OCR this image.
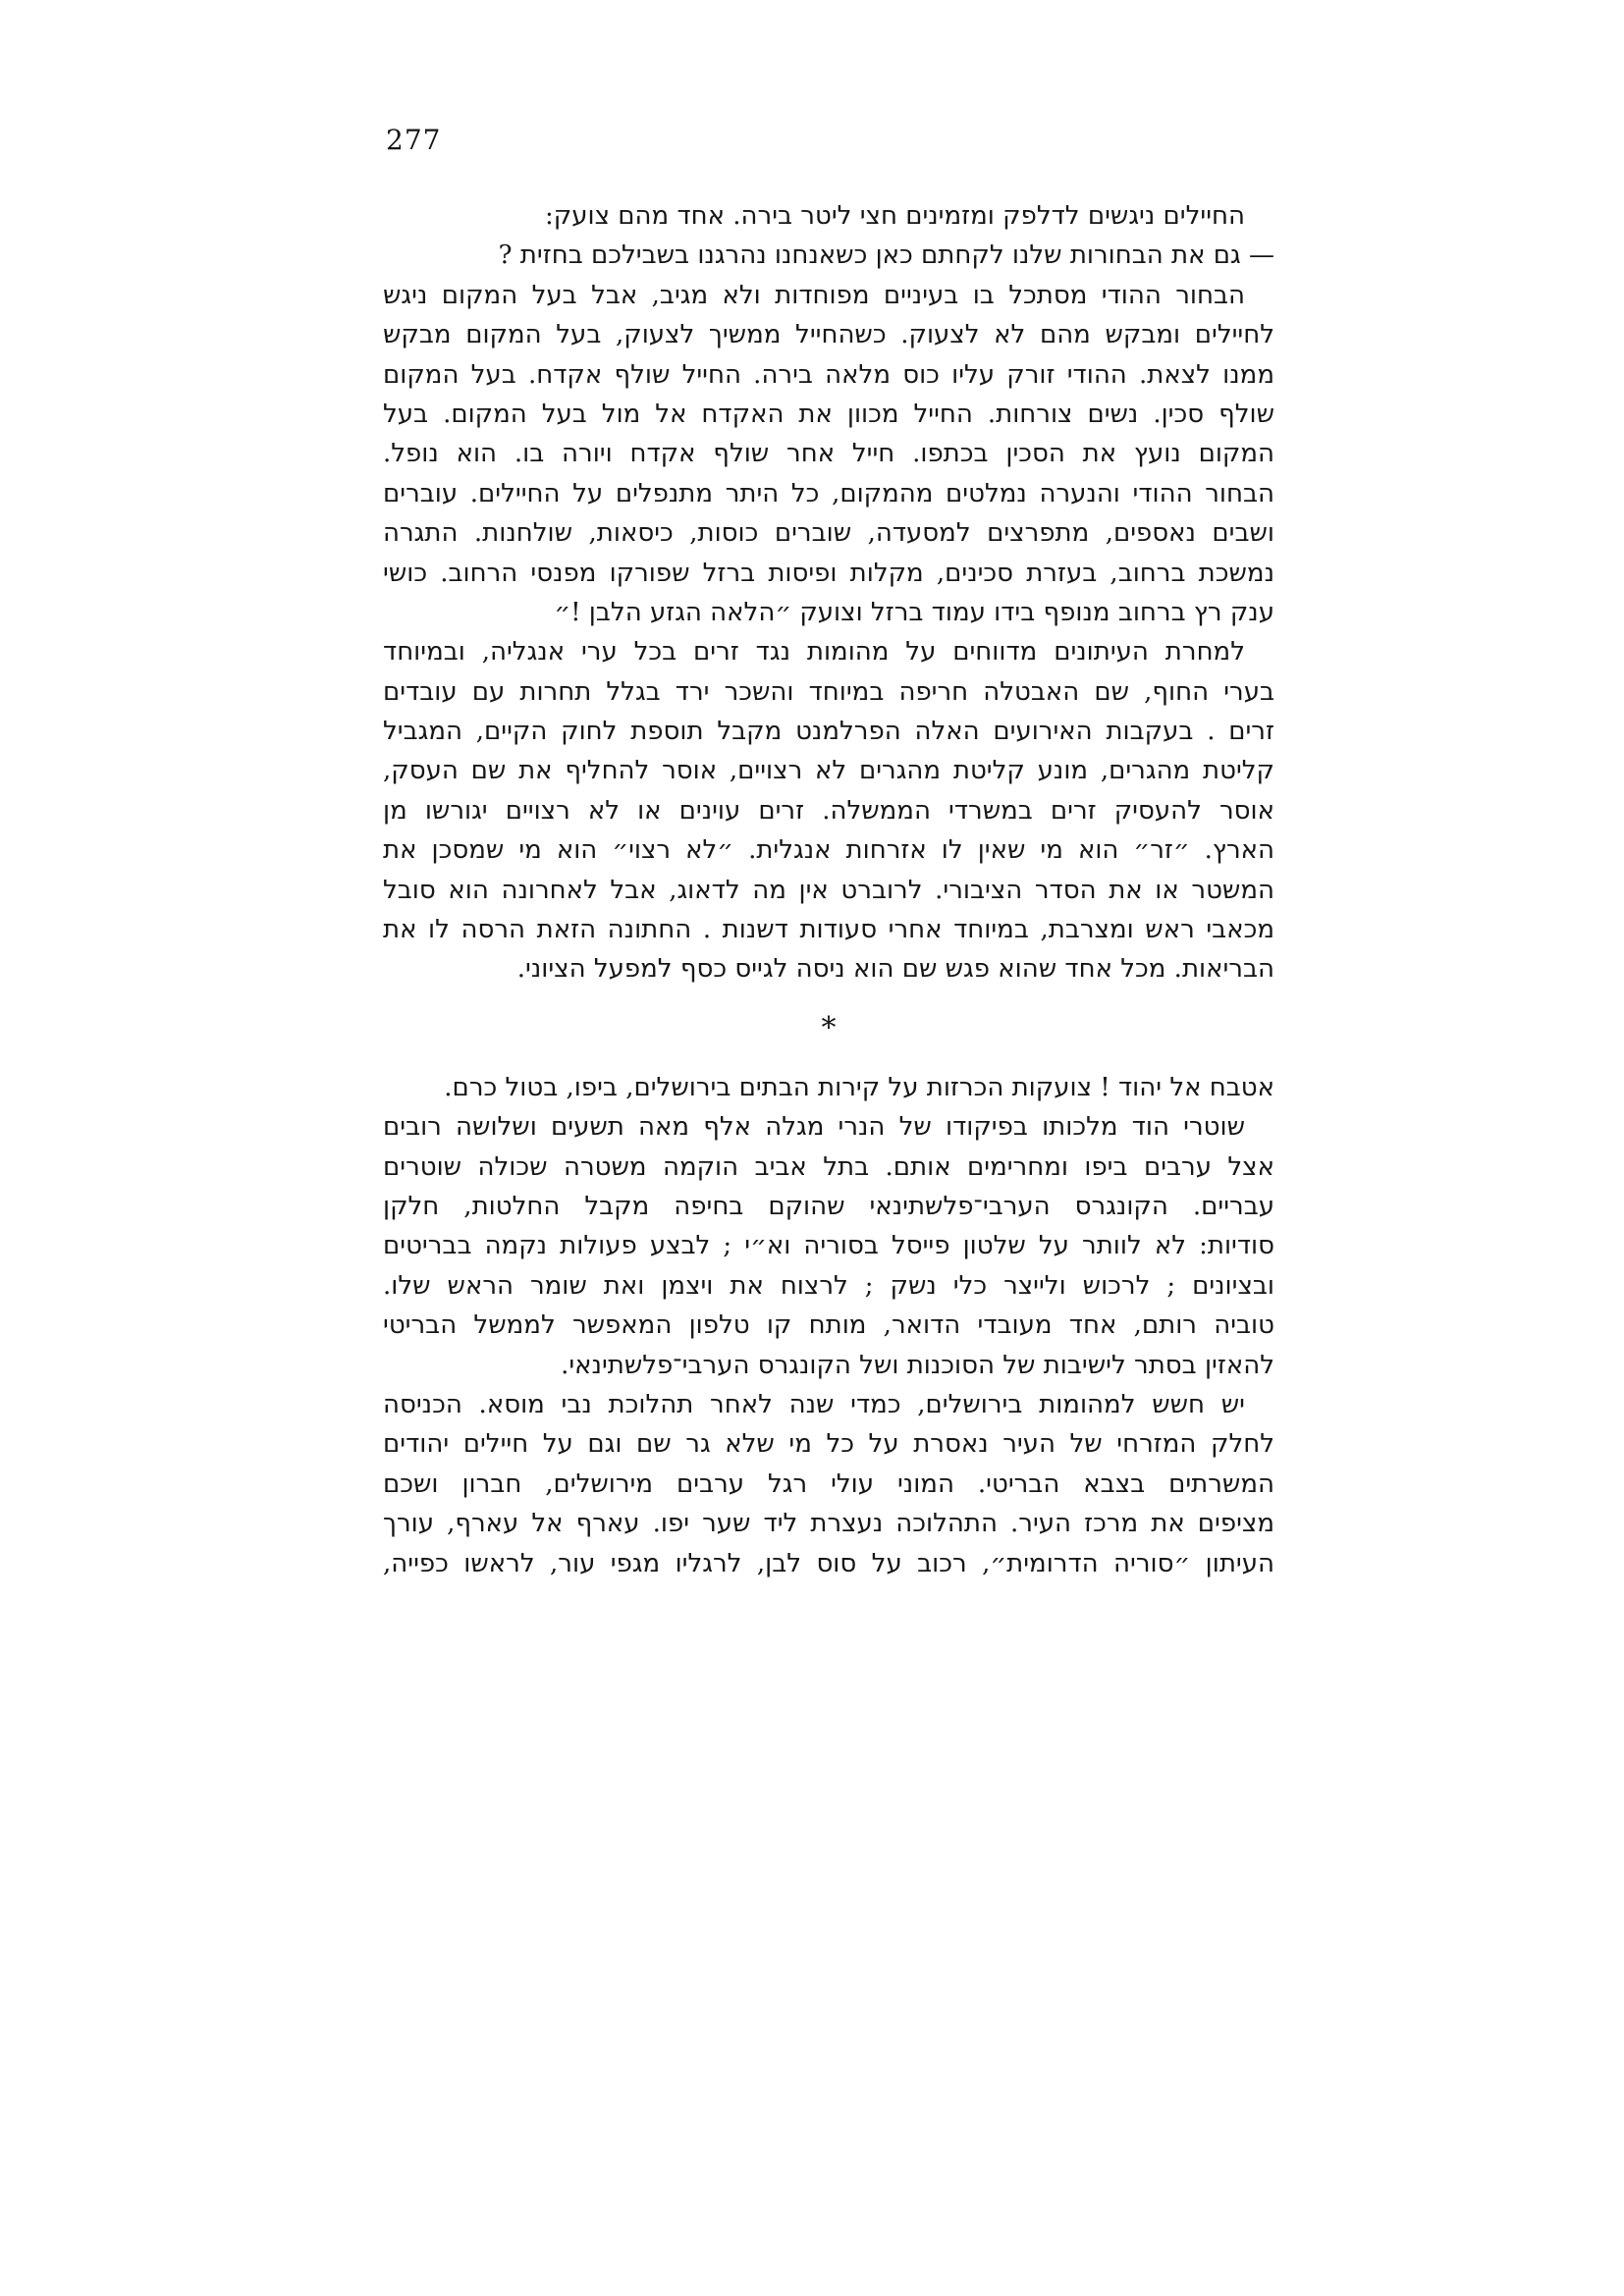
277
החיילים ניגשים לדלפק ומזמינים חצי ליטר בירה. אחד מהם צועק:
— גם את הבחורות שלנו לקחתם כאן כשאנחנו נהרגנו בשבילכם בחזית ?
הבחור ההודי מסתכל בו בעיניים מפוחדות ולא מגיב, אבל בעל המקום ניגש
לחיילים ומבקש מהם לא לצעוק. כשהחייל ממשיך לצעוק, בעל המקום מבקש
ממנו לצאת. ההודי זורק עליו כוס מלאה בירה. החייל שולף אקדח. בעל המקום
שולף סכין. נשים צורחות. החייל מכוון את האקדח אל מול בעל המקום. בעל
המקום נועץ את הסכין בכתפו. חייל אחר שולף אקדח ויורה בו. הוא נופל.
הבחור ההודי והנערה נמלטים מהמקום, כל היתר מתנפלים על החיילים. עוברים
ושבים נאספים, מתפרצים למסעדה, שוברים כוסות, כיסאות, שולחנות. התגרה
נמשכת ברחוב, בעזרת סכינים, מקלות ופיסות ברזל שפורקו מפנסי הרחוב. כושי
ענק רץ ברחוב מנופף בידו עמוד ברזל וצועק ״הלאה הגזע הלבן !״
למחרת העיתונים מדווחים על מהומות נגד זרים בכל ערי אנגליה, ובמיוחד
בערי החוף, שם האבטלה חריפה במיוחד והשכר ירד בגלל תחרות עם עובדים
זרים . בעקבות האירועים האלה הפרלמנט מקבל תוספת לחוק הקיים, המגביל
קליטת מהגרים, מונע קליטת מהגרים לא רצויים, אוסר להחליף את שם העסק,
אוסר להעסיק זרים במשרדי הממשלה. זרים עוינים או לא רצויים יגורשו מן
הארץ. ״זר״ הוא מי שאין לו אזרחות אנגלית. ״לא רצוי״ הוא מי שמסכן את
המשטר או את הסדר הציבורי. לרוברט אין מה לדאוג, אבל לאחרונה הוא סובל
מכאבי ראש ומצרבת, במיוחד אחרי סעודות דשנות . החתונה הזאת הרסה לו את
הבריאות. מכל אחד שהוא פגש שם הוא ניסה לגייס כסף למפעל הציוני.
*
אטבח אל יהוד ! צועקות הכרזות על קירות הבתים בירושלים, ביפו, בטול כרם.
שוטרי הוד מלכותו בפיקודו של הנרי מגלה אלף מאה תשעים ושלושה רובים
אצל ערבים ביפו ומחרימים אותם. בתל אביב הוקמה משטרה שכולה שוטרים
עבריים. הקונגרס הערבי־פלשתינאי שהוקם בחיפה מקבל החלטות, חלקן
סודיות: לא לוותר על שלטון פייסל בסוריה וא״י ; לבצע פעולות נקמה בבריטים
ובציונים ; לרכוש ולייצר כלי נשק ; לרצוח את ויצמן ואת שומר הראש שלו.
טוביה רותם, אחד מעובדי הדואר, מותח קו טלפון המאפשר לממשל הבריטי
להאזין בסתר לישיבות של הסוכנות ושל הקונגרס הערבי־פלשתינאי.
יש חשש למהומות בירושלים, כמדי שנה לאחר תהלוכת נבי מוסא. הכניסה
לחלק המזרחי של העיר נאסרת על כל מי שלא גר שם וגם על חיילים יהודים
המשרתים בצבא הבריטי. המוני עולי רגל ערבים מירושלים, חברון ושכם
מציפים את מרכז העיר. התהלוכה נעצרת ליד שער יפו. עארף אל עארף, עורך
העיתון ״סוריה הדרומית״, רכוב על סוס לבן, לרגליו מגפי עור, לראשו כפייה,
